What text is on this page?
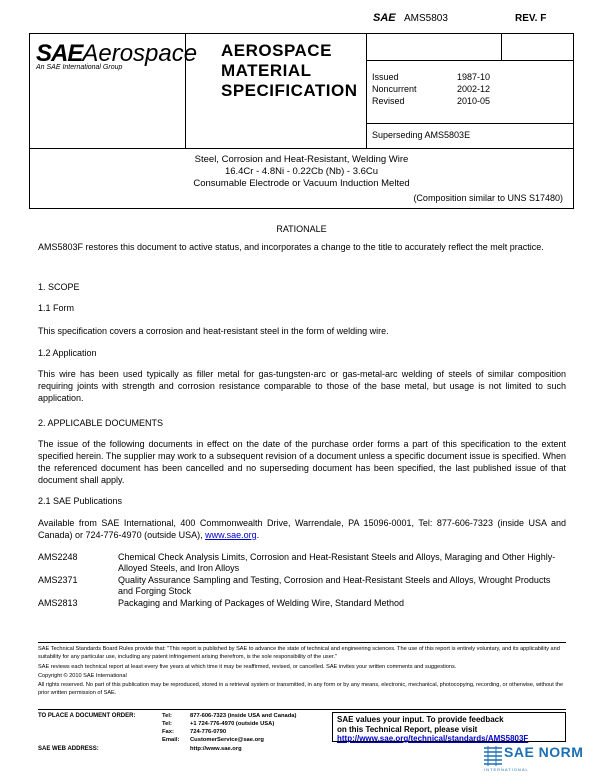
SAEAerospace
An SAE International Group
AEROSPACE
MATERIAL
SPECIFICATION
SAE AMS5803	REV. F
Issued	1987-10
Noncurrent	2002-12
Revised	2010-05
Superseding AMS5803E
Steel, Corrosion and Heat-Resistant, Welding Wire
16.4Cr - 4.8Ni - 0.22Cb (Nb) - 3.6Cu
Consumable Electrode or Vacuum Induction Melted
(Composition similar to UNS S17480)
RATIONALE
AMS5803F restores this document to active status, and incorporates a change to the title to accurately reflect the melt practice.
1. SCOPE
1.1 Form
This specification covers a corrosion and heat-resistant steel in the form of welding wire.
1.2 Application
This wire has been used typically as filler metal for gas-tungsten-arc or gas-metal-arc welding of steels of similar composition requiring joints with strength and corrosion resistance comparable to those of the base metal, but usage is not limited to such application.
2. APPLICABLE DOCUMENTS
The issue of the following documents in effect on the date of the purchase order forms a part of this specification to the extent specified herein. The supplier may work to a subsequent revision of a document unless a specific document issue is specified. When the referenced document has been cancelled and no superseding document has been specified, the last published issue of that document shall apply.
2.1 SAE Publications
Available from SAE International, 400 Commonwealth Drive, Warrendale, PA 15096-0001, Tel: 877-606-7323 (inside USA and Canada) or 724-776-4970 (outside USA), www.sae.org.
AMS2248	Chemical Check Analysis Limits, Corrosion and Heat-Resistant Steels and Alloys, Maraging and Other Highly-Alloyed Steels, and Iron Alloys
AMS2371	Quality Assurance Sampling and Testing, Corrosion and Heat-Resistant Steels and Alloys, Wrought Products and Forging Stock
AMS2813	Packaging and Marking of Packages of Welding Wire, Standard Method
SAE Technical Standards Board Rules provide that: "This report is published by SAE to advance the state of technical and engineering sciences. The use of this report is entirely voluntary, and its applicability and suitability for any particular use, including any patent infringement arising therefrom, is the sole responsibility of the user."
SAE reviews each technical report at least every five years at which time it may be reaffirmed, revised, or cancelled. SAE invites your written comments and suggestions.
Copyright © 2010 SAE International
All rights reserved. No part of this publication may be reproduced, stored in a retrieval system or transmitted, in any form or by any means, electronic, mechanical, photocopying, recording, or otherwise, without the prior written permission of SAE.
TO PLACE A DOCUMENT ORDER:	Tel:	877-606-7323 (inside USA and Canada)
Tel:	+1 724-776-4970 (outside USA)
Fax:	724-776-0790
Email: CustomerService@sae.org
SAE WEB ADDRESS:	http://www.sae.org
SAE values your input. To provide feedback
on this Technical Report, please visit
http://www.sae.org/technical/standards/AMS5803F
SAE NORM
INTERNATIONAL
